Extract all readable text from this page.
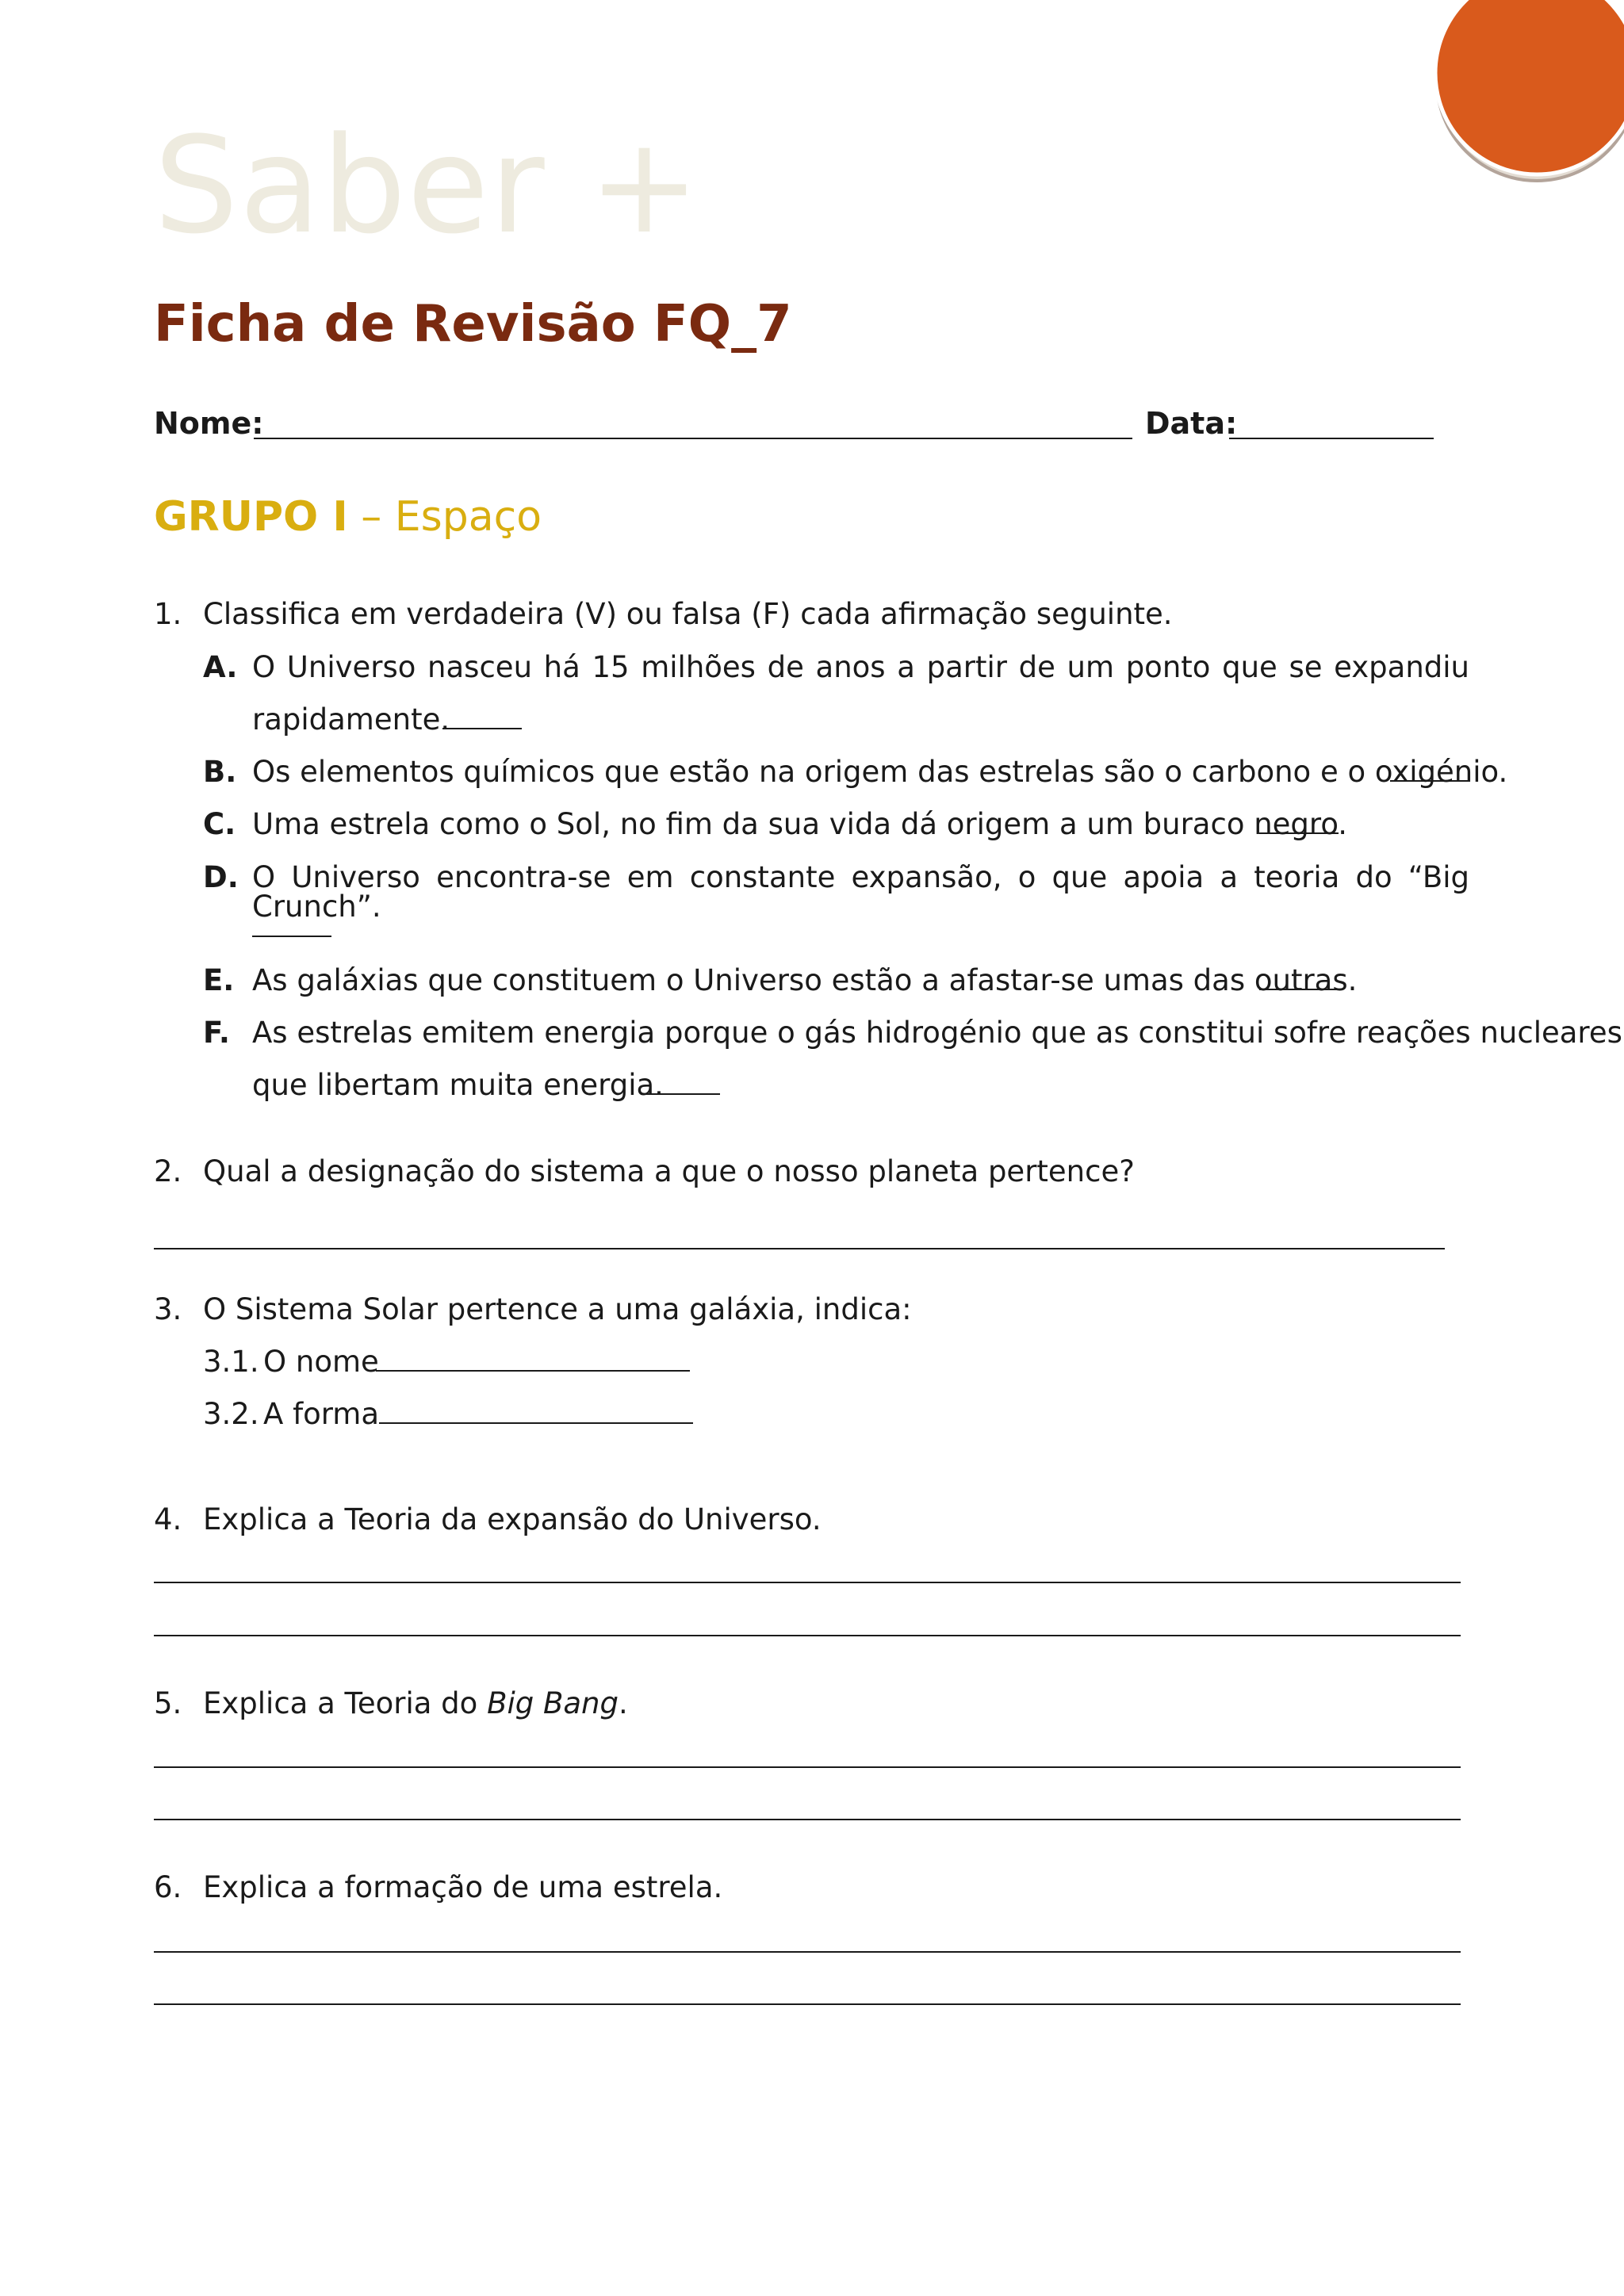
Saber +
Ficha de Revisão FQ_7
Nome:	Data:
GRUPO I – Espaço
1. Classifica em verdadeira (V) ou falsa (F) cada afirmação seguinte.
A. O Universo nasceu há 15 milhões de anos a partir de um ponto que se expandiu
rapidamente.
B. Os elementos químicos que estão na origem das estrelas são o carbono e o oxigénio.
C. Uma estrela como o Sol, no fim da sua vida dá origem a um buraco negro.
D. O Universo encontra-se em constante expansão, o que apoia a teoria do “Big Crunch”.
E. As galáxias que constituem o Universo estão a afastar-se umas das outras.
F. As estrelas emitem energia porque o gás hidrogénio que as constitui sofre reações nucleares
que libertam muita energia.
2. Qual a designação do sistema a que o nosso planeta pertence?
3. O Sistema Solar pertence a uma galáxia, indica:
3.1. O nome
3.2. A forma
4. Explica a Teoria da expansão do Universo.
5. Explica a Teoria do Big Bang.
6. Explica a formação de uma estrela.
